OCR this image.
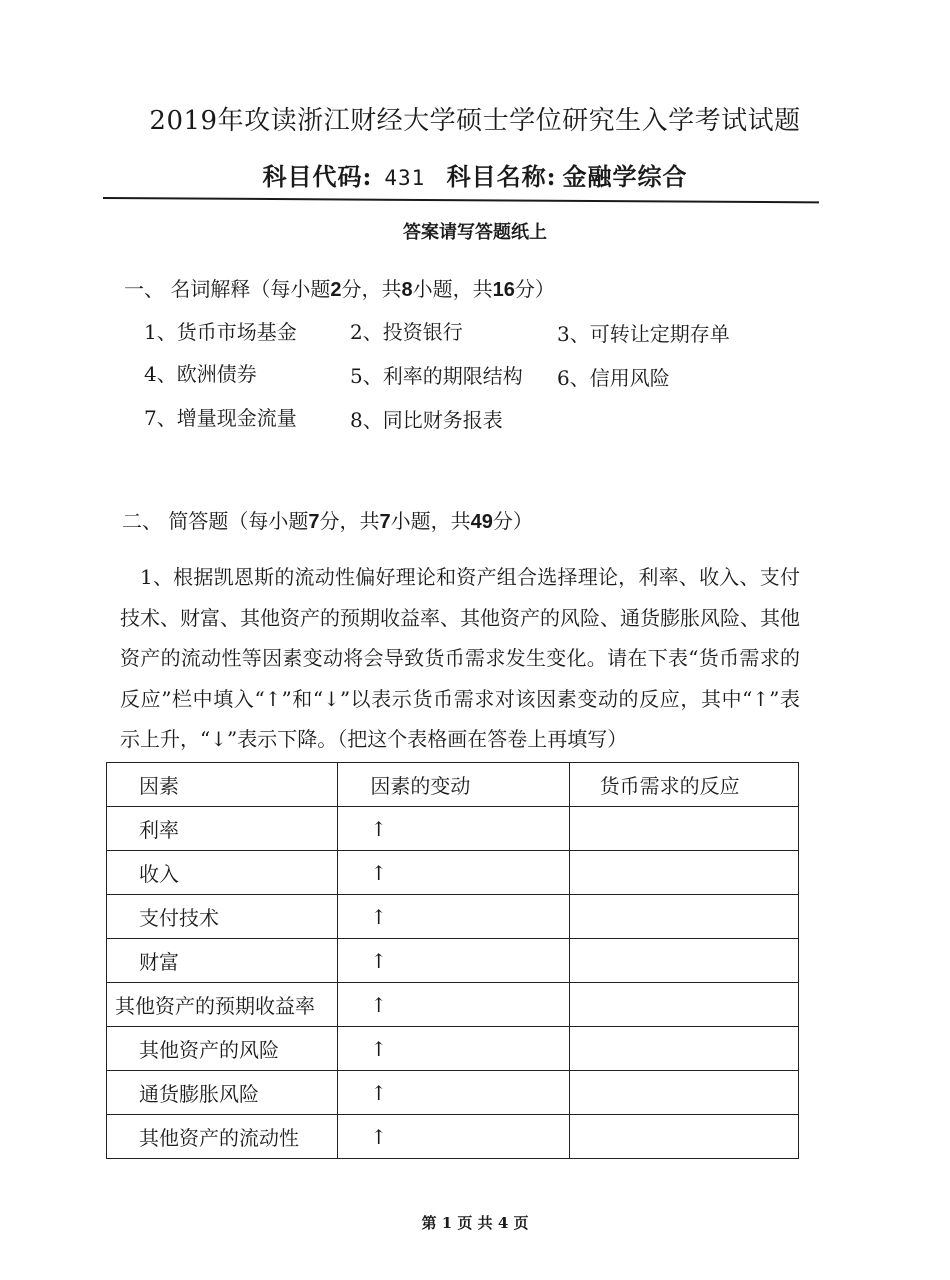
2019年攻读浙江财经大学硕士学位研究生入学考试试题
科目代码: 431 科目名称: 金融学综合
答案请写答题纸上
一、 名词解释（每小题2分，共8小题，共16分）
1、货币市场基金	2、投资银行	3、可转让定期存单
4、欧洲债券	5、利率的期限结构 6、信用风险
7、增量现金流量	8、同比财务报表
二、 简答题（每小题7分，共7小题，共49分）
1、根据凯恩斯的流动性偏好理论和资产组合选择理论，利率、收入、支付技术、财富、其他资产的预期收益率、其他资产的风险、通货膨胀风险、其他资产的流动性等因素变动将会导致货币需求发生变化。请在下表“货币需求的反应”栏中填入“↑”和“↓”以表示货币需求对该因素变动的反应，其中“↑”表示上升，“↓”表示下降。（把这个表格画在答卷上再填写）
因素	因素的变动	货币需求的反应
利率	↑	
收入	↑	
支付技术	↑	
财富	↑	
其他资产的预期收益率	↑	
其他资产的风险	↑	
通货膨胀风险	↑	
其他资产的流动性	↑	
第 1 页 共 4 页
